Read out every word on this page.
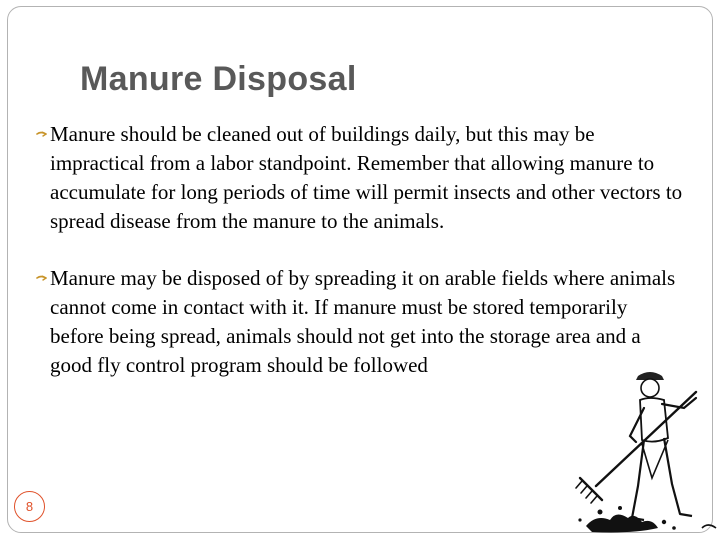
Manure Disposal
Manure should be cleaned out of buildings daily, but this may be impractical from a labor standpoint. Remember that allowing manure to accumulate for long periods of time will permit insects and other vectors to spread disease from the manure to the animals.
Manure may be disposed of by spreading it on arable fields where animals cannot come in contact with it. If manure must be stored temporarily before being spread, animals should not get into the storage area and a good fly control program should be followed
8
